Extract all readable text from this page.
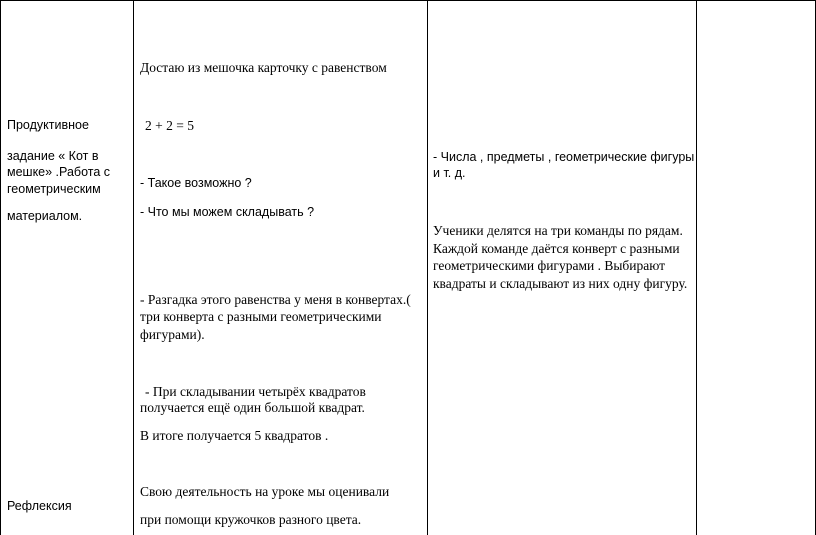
Продуктивное
задание « Кот в
мешке» .Работа с
геометрическим
материалом.
Рефлексия
Достаю из мешочка карточку с равенством
2 + 2 = 5
- Такое возможно ?
- Что мы можем складывать ?
- Разгадка этого равенства у меня в конвертах.(
три конверта с разными геометрическими
фигурами).
- При складывании четырёх квадратов
получается ещё один большой квадрат.
В итоге получается 5 квадратов .
Свою деятельность на уроке мы оценивали
при помощи кружочков разного цвета.
- Числа , предметы , геометрические фигуры
и т. д.
Ученики делятся на три команды по рядам.
Каждой команде даётся конверт с разными
геометрическими фигурами . Выбирают
квадраты и складывают из них одну фигуру.
